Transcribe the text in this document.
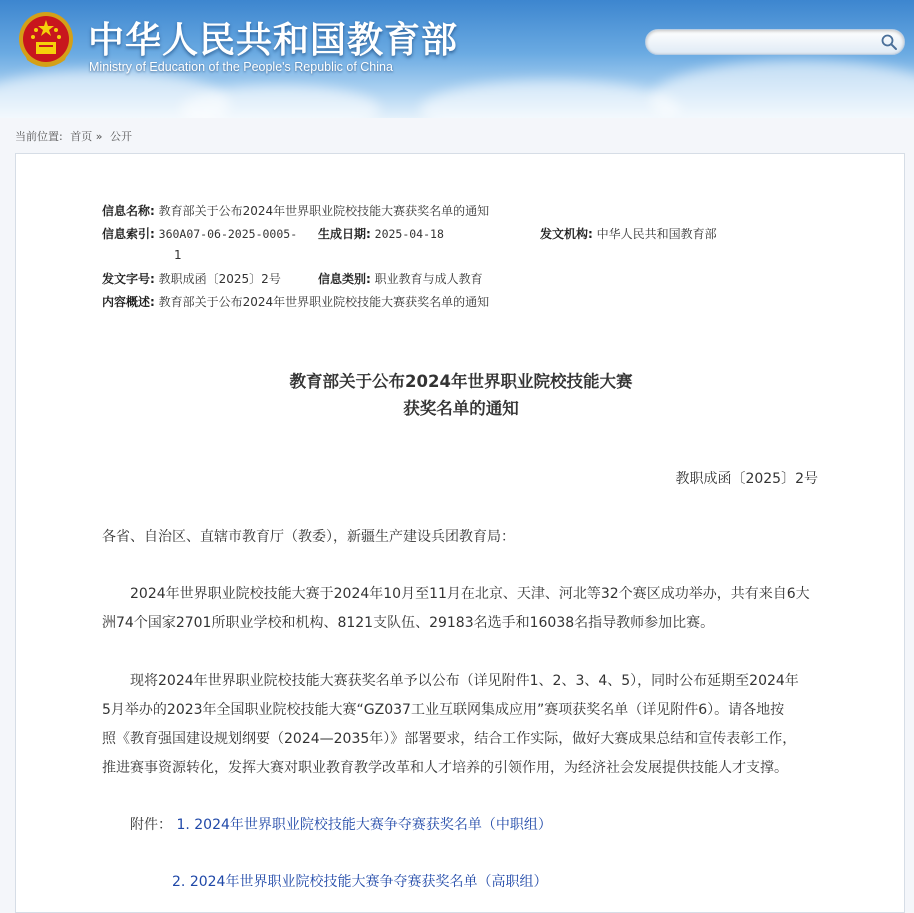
中华人民共和国教育部
Ministry of Education of the People's Republic of China
当前位置: 首页 » 公开
信息名称: 教育部关于公布2024年世界职业院校技能大赛获奖名单的通知
信息索引: 360A07-06-2025-0005-
1
生成日期: 2025-04-18	发文机构: 中华人民共和国教育部
发文字号: 教职成函〔2025〕2号	信息类别: 职业教育与成人教育
内容概述: 教育部关于公布2024年世界职业院校技能大赛获奖名单的通知
教育部关于公布2024年世界职业院校技能大赛
获奖名单的通知
教职成函〔2025〕2号
各省、自治区、直辖市教育厅（教委），新疆生产建设兵团教育局：
2024年世界职业院校技能大赛于2024年10月至11月在北京、天津、河北等32个赛区成功举办，共有来自6大
洲74个国家2701所职业学校和机构、8121支队伍、29183名选手和16038名指导教师参加比赛。
现将2024年世界职业院校技能大赛获奖名单予以公布（详见附件1、2、3、4、5），同时公布延期至2024年
5月举办的2023年全国职业院校技能大赛“GZ037工业互联网集成应用”赛项获奖名单（详见附件6）。请各地按
照《教育强国建设规划纲要（2024—2035年）》部署要求，结合工作实际，做好大赛成果总结和宣传表彰工作，
推进赛事资源转化，发挥大赛对职业教育教学改革和人才培养的引领作用，为经济社会发展提供技能人才支撑。
附件： 1. 2024年世界职业院校技能大赛争夺赛获奖名单（中职组）
2. 2024年世界职业院校技能大赛争夺赛获奖名单（高职组）
